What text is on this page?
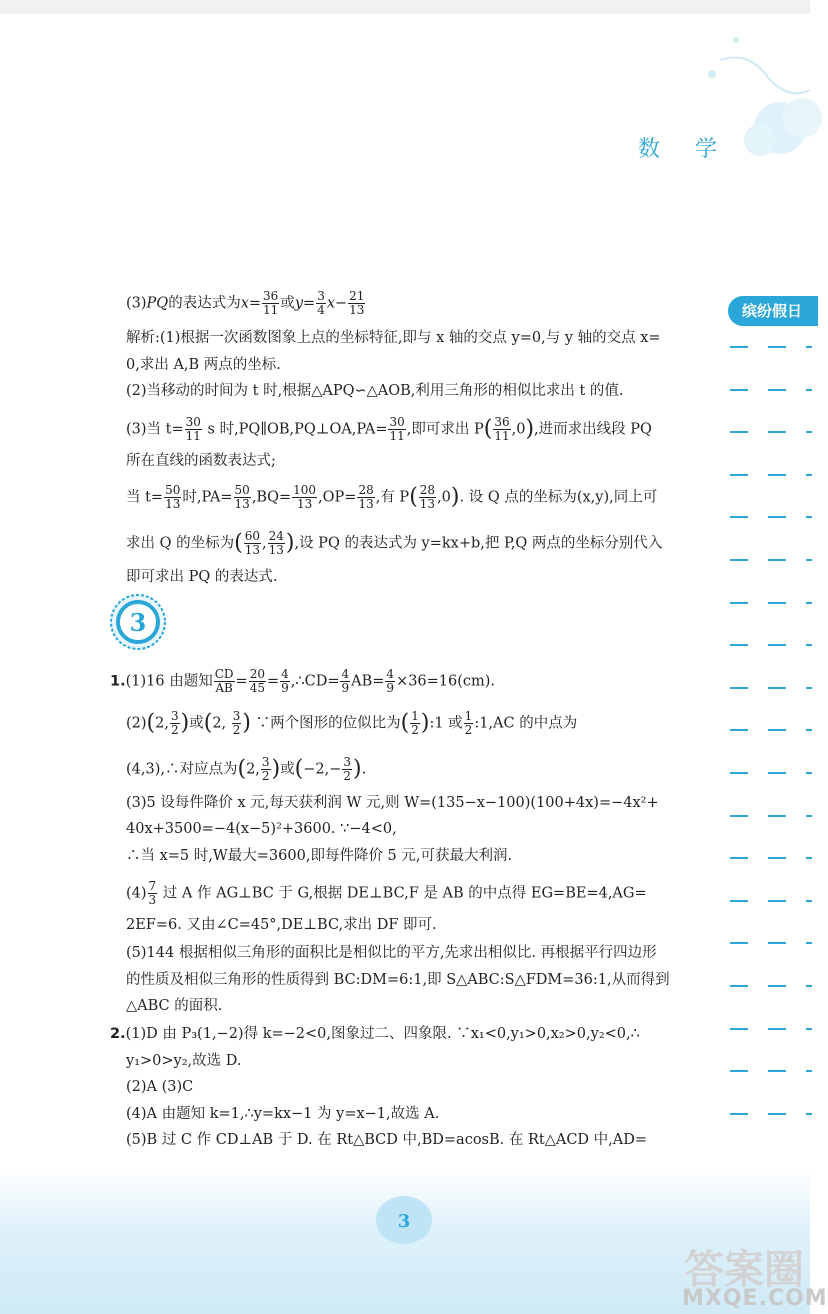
数 学
缤纷假日
(3)PQ的表达式为$x= \frac{36}{11}$ 或$y= \frac{3}{4} x- \frac{21}{13}$
解析:(1)根据一次函数图象上点的坐标特征,即与 x 轴的交点 y=0,与 y 轴的交点 x=
0,求出 A,B 两点的坐标.
(2)当移动的时间为 t 时,根据△APQ∽△AOB,利用三角形的相似比求出 t 的值.
(3)当 $t= \frac{30}{11}$ s 时,PQ∥OB,PQ⊥OA,PA= $\frac{30}{11}$ ,即可求出 $P( \frac{36}{11} ,0)$,进而求出线段 PQ
所在直线的函数表达式;
当 $t= \frac{50}{13}$ 时$,PA= \frac{50}{13} ,BQ= \frac{100}{13} ,OP= \frac{28}{13}$ ,有 $P( \frac{28}{13} ,0)$. 设 Q 点的坐标为(x,y),同上可
求出 Q 的坐标为( $\frac{60}{13}$ , $\frac{24}{13}$ ),设 PQ 的表达式为 y=kx+b,把 P,Q 两点的坐标分别代入
即可求出 PQ 的表达式.
3
1.(1)16 由题知 $\frac{CD}{AB} = \frac{20}{45} = \frac{4}{9}$ ,∴CD= $\frac{4}{9} AB= \frac{4}{9} \times 36=16(cm)$.
(2)(2, $\frac{3}{2}$ )或(2, $\frac{3}{2}$ ) ∵两个图形的位似比为( $\frac{1}{2}$ ):1 或 $\frac{1}{2}$ :1,AC 的中点为
(4,3),∴对应点为(2, $\frac{3}{2}$ )或($-2,- \frac{3}{2}$ ).
(3)5 设每件降价 x 元,每天获利润 W 元,则 W=(135−x−100)(100+4x)=−4x²+
40x+3500=−4(x−5)²+3600. ∵−4<0,
∴当 x=5 时,W最大=3600,即每件降价 5 元,可获最大利润.
$(4) \frac{7}{3}$ 过 A 作 AG⊥BC 于 G,根据 DE⊥BC,F 是 AB 的中点得 EG=BE=4,AG=
2EF=6. 又由∠C=45°,DE⊥BC,求出 DF 即可.
(5)144 根据相似三角形的面积比是相似比的平方,先求出相似比. 再根据平行四边形
的性质及相似三角形的性质得到 BC:DM=6:1,即 S△ABC:S△FDM=36:1,从而得到
△ABC 的面积.
2.(1)D 由 P₃(1,−2)得 k=−2<0,图象过二、四象限. ∵x₁<0,y₁>0,x₂>0,y₂<0,∴
y₁>0>y₂,故选 D.
(2)A (3)C
(4)A 由题知 k=1,∴y=kx−1 为 y=x−1,故选 A.
(5)B 过 C 作 CD⊥AB 于 D. 在 Rt△BCD 中,BD=acosB. 在 Rt△ACD 中,AD=
3
答案圈
MXQE.COM
